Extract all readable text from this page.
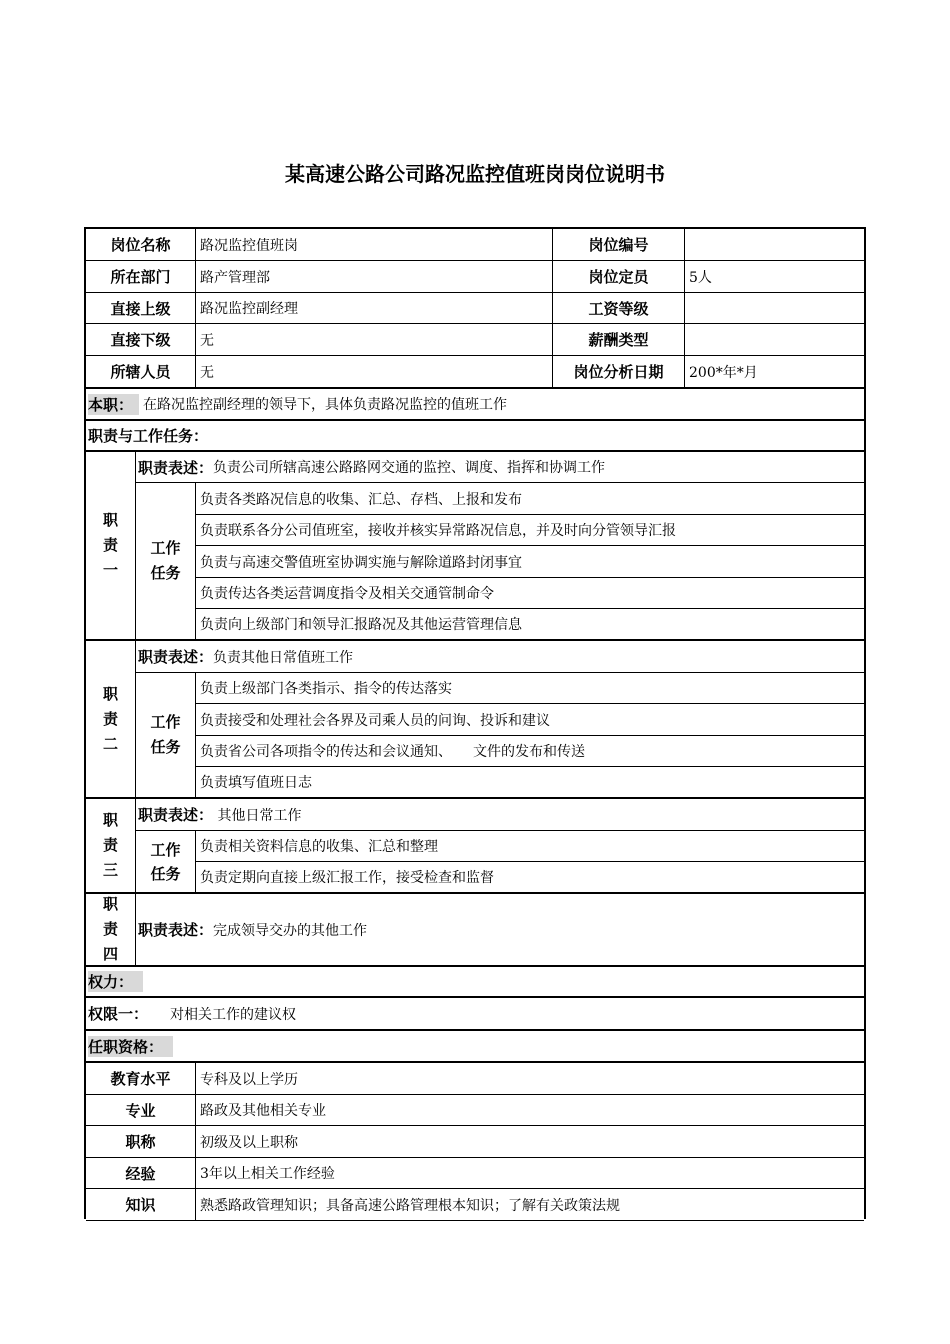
某高速公路公司路况监控值班岗岗位说明书
岗位名称	路况监控值班岗	岗位编号
所在部门	路产管理部	岗位定员	5人
直接上级	路况监控副经理	工资等级
直接下级	无	薪酬类型
所辖人员	无	岗位分析日期	200*年*月
本职： 在路况监控副经理的领导下，具体负责路况监控的值班工作
职责与工作任务：
职责一
职责表述： 负责公司所辖高速公路路网交通的监控、调度、指挥和协调工作
工作任务
负责各类路况信息的收集、汇总、存档、上报和发布
负责联系各分公司值班室，接收并核实异常路况信息，并及时向分管领导汇报
负责与高速交警值班室协调实施与解除道路封闭事宜
负责传达各类运营调度指令及相关交通管制命令
负责向上级部门和领导汇报路况及其他运营管理信息
职责二
职责表述： 负责其他日常值班工作
工作任务
负责上级部门各类指示、指令的传达落实
负责接受和处理社会各界及司乘人员的问询、投诉和建议
负责省公司各项指令的传达和会议通知、　　文件的发布和传送
负责填写值班日志
职责三
职责表述： 其他日常工作
工作任务
负责相关资料信息的收集、汇总和整理
负责定期向直接上级汇报工作，接受检查和监督
职责四
职责表述： 完成领导交办的其他工作
权力：
权限一： 对相关工作的建议权
任职资格：
教育水平	专科及以上学历
专业	路政及其他相关专业
职称	初级及以上职称
经验	3年以上相关工作经验
知识	熟悉路政管理知识；具备高速公路管理根本知识；了解有关政策法规
